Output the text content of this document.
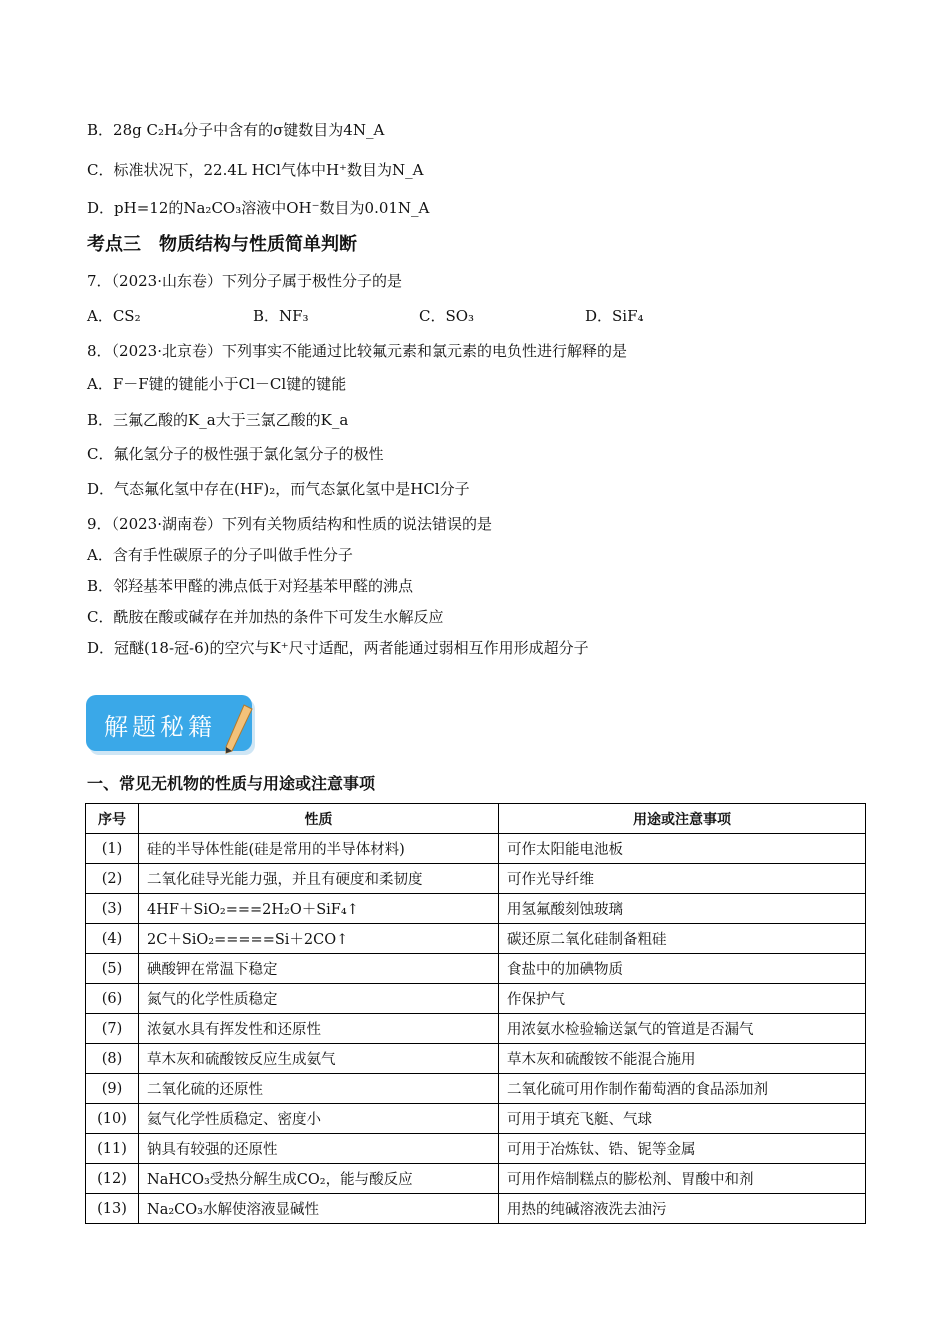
B．28g C₂H₄分子中含有的σ键数目为4N_A
C．标准状况下，22.4L HCl气体中H⁺数目为N_A
D．pH=12的Na₂CO₃溶液中OH⁻数目为0.01N_A
考点三　物质结构与性质简单判断
7．（2023·山东卷）下列分子属于极性分子的是
A．CS₂	B．NF₃	C．SO₃	D．SiF₄
8．（2023·北京卷）下列事实不能通过比较氟元素和氯元素的电负性进行解释的是
A．F－F键的键能小于Cl－Cl键的键能
B．三氟乙酸的K_a大于三氯乙酸的K_a
C．氟化氢分子的极性强于氯化氢分子的极性
D．气态氟化氢中存在(HF)₂，而气态氯化氢中是HCl分子
9．（2023·湖南卷）下列有关物质结构和性质的说法错误的是
A．含有手性碳原子的分子叫做手性分子
B．邻羟基苯甲醛的沸点低于对羟基苯甲醛的沸点
C．酰胺在酸或碱存在并加热的条件下可发生水解反应
D．冠醚(18-冠-6)的空穴与K⁺尺寸适配，两者能通过弱相互作用形成超分子
解题秘籍
一、常见无机物的性质与用途或注意事项
序号	性质	用途或注意事项
(1)	硅的半导体性能(硅是常用的半导体材料)	可作太阳能电池板
(2)	二氧化硅导光能力强，并且有硬度和柔韧度	可作光导纤维
(3)	4HF＋SiO₂===2H₂O＋SiF₄↑	用氢氟酸刻蚀玻璃
(4)	2C＋SiO₂=====Si＋2CO↑	碳还原二氧化硅制备粗硅
(5)	碘酸钾在常温下稳定	食盐中的加碘物质
(6)	氮气的化学性质稳定	作保护气
(7)	浓氨水具有挥发性和还原性	用浓氨水检验输送氯气的管道是否漏气
(8)	草木灰和硫酸铵反应生成氨气	草木灰和硫酸铵不能混合施用
(9)	二氧化硫的还原性	二氧化硫可用作制作葡萄酒的食品添加剂
(10)	氦气化学性质稳定、密度小	可用于填充飞艇、气球
(11)	钠具有较强的还原性	可用于冶炼钛、锆、铌等金属
(12)	NaHCO₃受热分解生成CO₂，能与酸反应	可用作焙制糕点的膨松剂、胃酸中和剂
(13)	Na₂CO₃水解使溶液显碱性	用热的纯碱溶液洗去油污
